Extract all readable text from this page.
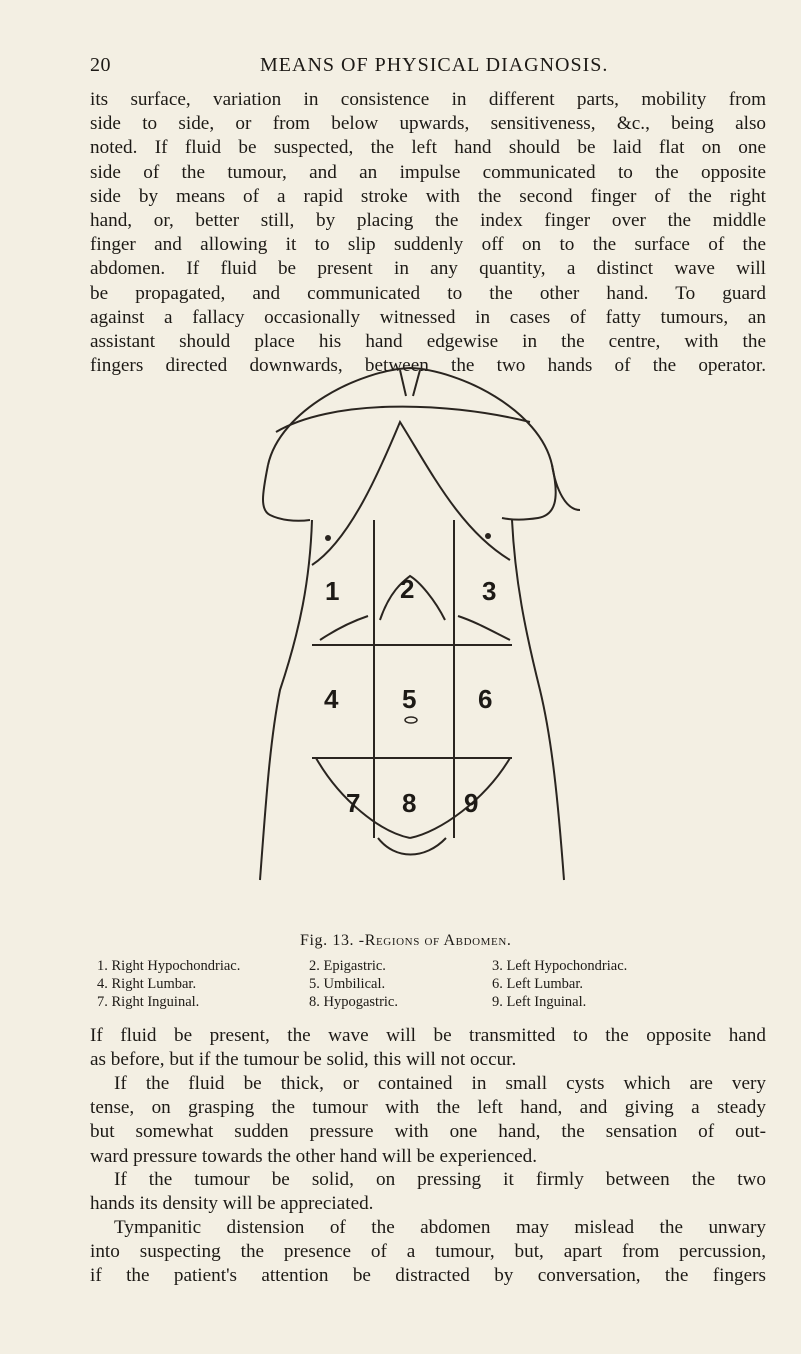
20	MEANS OF PHYSICAL DIAGNOSIS.
its surface, variation in consistence in different parts, mobility from
side to side, or from below upwards, sensitiveness, &c., being also
noted. If fluid be suspected, the left hand should be laid flat on one
side of the tumour, and an impulse communicated to the opposite
side by means of a rapid stroke with the second finger of the right
hand, or, better still, by placing the index finger over the middle
finger and allowing it to slip suddenly off on to the surface of the
abdomen. If fluid be present in any quantity, a distinct wave will
be propagated, and communicated to the other hand. To guard
against a fallacy occasionally witnessed in cases of fatty tumours, an
assistant should place his hand edgewise in the centre, with the
fingers directed downwards, between the two hands of the operator.
1 2	3
4 5 6
7 8 9
Fig. 13. -Regions of Abdomen.
1. Right Hypochondriac.	2. Epigastric.	3. Left Hypochondriac.
4. Right Lumbar.	5. Umbilical.	6. Left Lumbar.
7. Right Inguinal.	8. Hypogastric.	9. Left Inguinal.
If fluid be present, the wave will be transmitted to the opposite hand
as before, but if the tumour be solid, this will not occur.
If the fluid be thick, or contained in small cysts which are very
tense, on grasping the tumour with the left hand, and giving a steady
but somewhat sudden pressure with one hand, the sensation of out-
ward pressure towards the other hand will be experienced.
If the tumour be solid, on pressing it firmly between the two
hands its density will be appreciated.
Tympanitic distension of the abdomen may mislead the unwary
into suspecting the presence of a tumour, but, apart from percussion,
if the patient's attention be distracted by conversation, the fingers
